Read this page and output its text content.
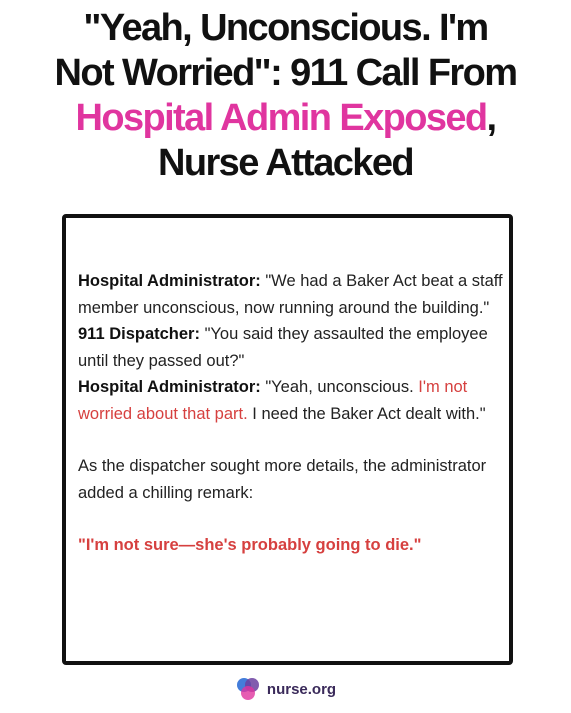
"Yeah, Unconscious. I'm
Not Worried": 911 Call From
Hospital Admin Exposed,
Nurse Attacked
Hospital Administrator: "We had a Baker Act beat a staff member unconscious, now running around the building."
911 Dispatcher: "You said they assaulted the employee until they passed out?"
Hospital Administrator: "Yeah, unconscious. I'm not worried about that part. I need the Baker Act dealt with."
As the dispatcher sought more details, the administrator added a chilling remark:
"I'm not sure—she's probably going to die."
nurse.org
